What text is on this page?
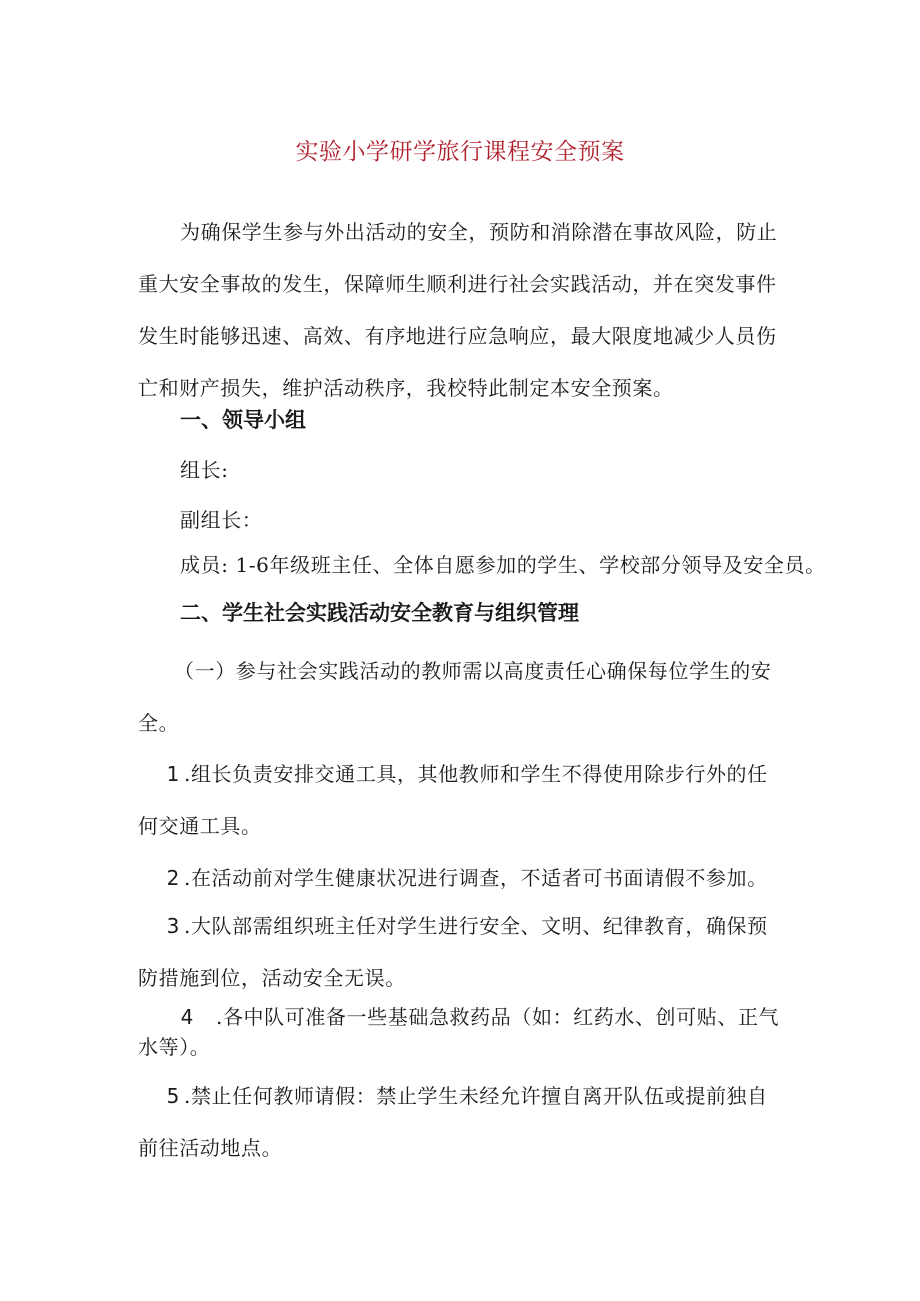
实验小学研学旅行课程安全预案

为确保学生参与外出活动的安全，预防和消除潜在事故风险，防止重大安全事故的发生，保障师生顺利进行社会实践活动，并在突发事件发生时能够迅速、高效、有序地进行应急响应，最大限度地减少人员伤亡和财产损失，维护活动秩序，我校特此制定本安全预案。

一、领导小组

组长:

副组长：

成员: 1-6年级班主任、全体自愿参加的学生、学校部分领导及安全员。

二、学生社会实践活动安全教育与组织管理

（一）参与社会实践活动的教师需以高度责任心确保每位学生的安全。

1 .组长负责安排交通工具，其他教师和学生不得使用除步行外的任何交通工具。

2 .在活动前对学生健康状况进行调查，不适者可书面请假不参加。

3 .大队部需组织班主任对学生进行安全、文明、纪律教育，确保预防措施到位，活动安全无误。

4 .各中队可准备一些基础急救药品（如：红药水、创可贴、正气水等）。

5 .禁止任何教师请假：禁止学生未经允许擅自离开队伍或提前独自前往活动地点。
